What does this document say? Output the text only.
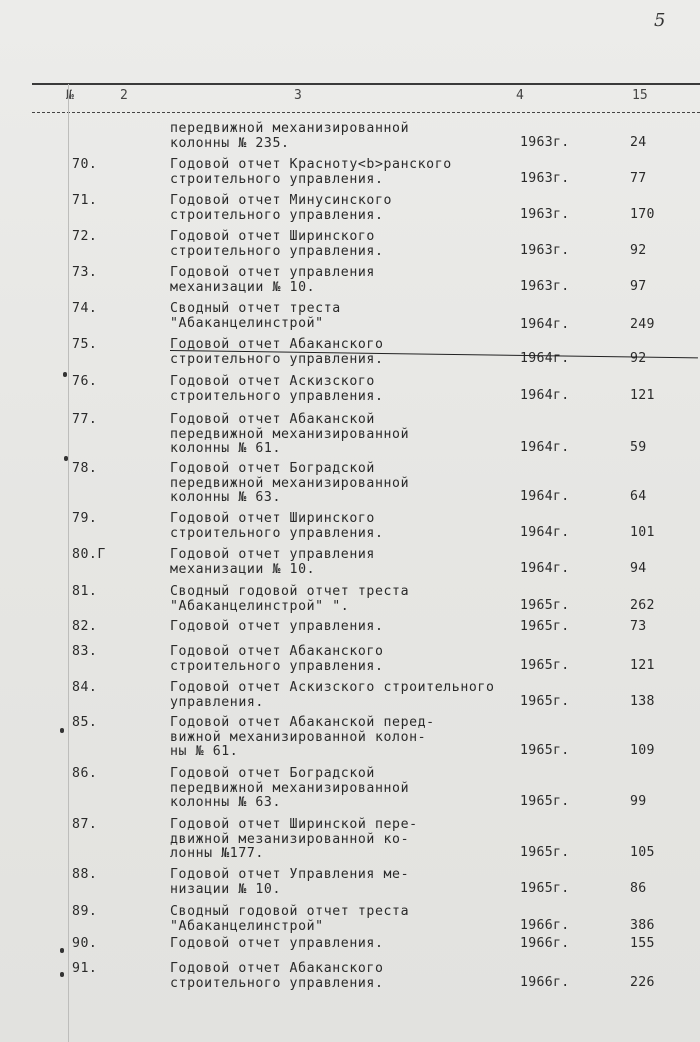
5
№	2	3	4	15
передвижной механизированной
колонны № 235.	1963г.	24
70.	Годовой отчет Красноту<b>ранского
строительного управления.	1963г.	77
71.	Годовой отчет Минусинского
строительного управления.	1963г.	170
72.	Годовой отчет Ширинского
строительного управления.	1963г.	92
73.	Годовой отчет управления
механизации № 10.	1963г.	97
74.	Сводный отчет треста
"Абаканцелинстрой"	1964г.	249
75.	Годовой отчет Абаканского
строительного управления.	1964г.	92
76.	Годовой отчет Аскизского
строительного управления.	1964г.	121
77.	Годовой отчет Абаканской
передвижной механизированной
колонны № 61.	1964г.	59
78.	Годовой отчет Боградской
передвижной механизированной
колонны № 63.	1964г.	64
79.	Годовой отчет Ширинского
строительного управления.	1964г.	101
80.Г	Годовой отчет управления
механизации № 10.	1964г.	94
81.	Сводный годовой отчет треста
"Абаканцелинстрой" ".	1965г.	262
82.	Годовой отчет управления.	1965г.	73
83.	Годовой отчет Абаканского
строительного управления.	1965г.	121
84.	Годовой отчет Аскизского строительного
управления.	1965г.	138
85.	Годовой отчет Абаканской перед-
вижной механизированной колон-
ны № 61.	1965г.	109
86.	Годовой отчет Боградской
передвижной механизированной
колонны № 63.	1965г.	99
87.	Годовой отчет Ширинской пере-
движной мезанизированной ко-
лонны №177.	1965г.	105
88.	Годовой отчет Управления ме-
низации № 10.	1965г.	86
89.	Сводный годовой отчет треста
"Абаканцелинстрой"	1966г.	386
90.	Годовой отчет управления.	1966г.	155
91.	Годовой отчет Абаканского
строительного управления.	1966г.	226
